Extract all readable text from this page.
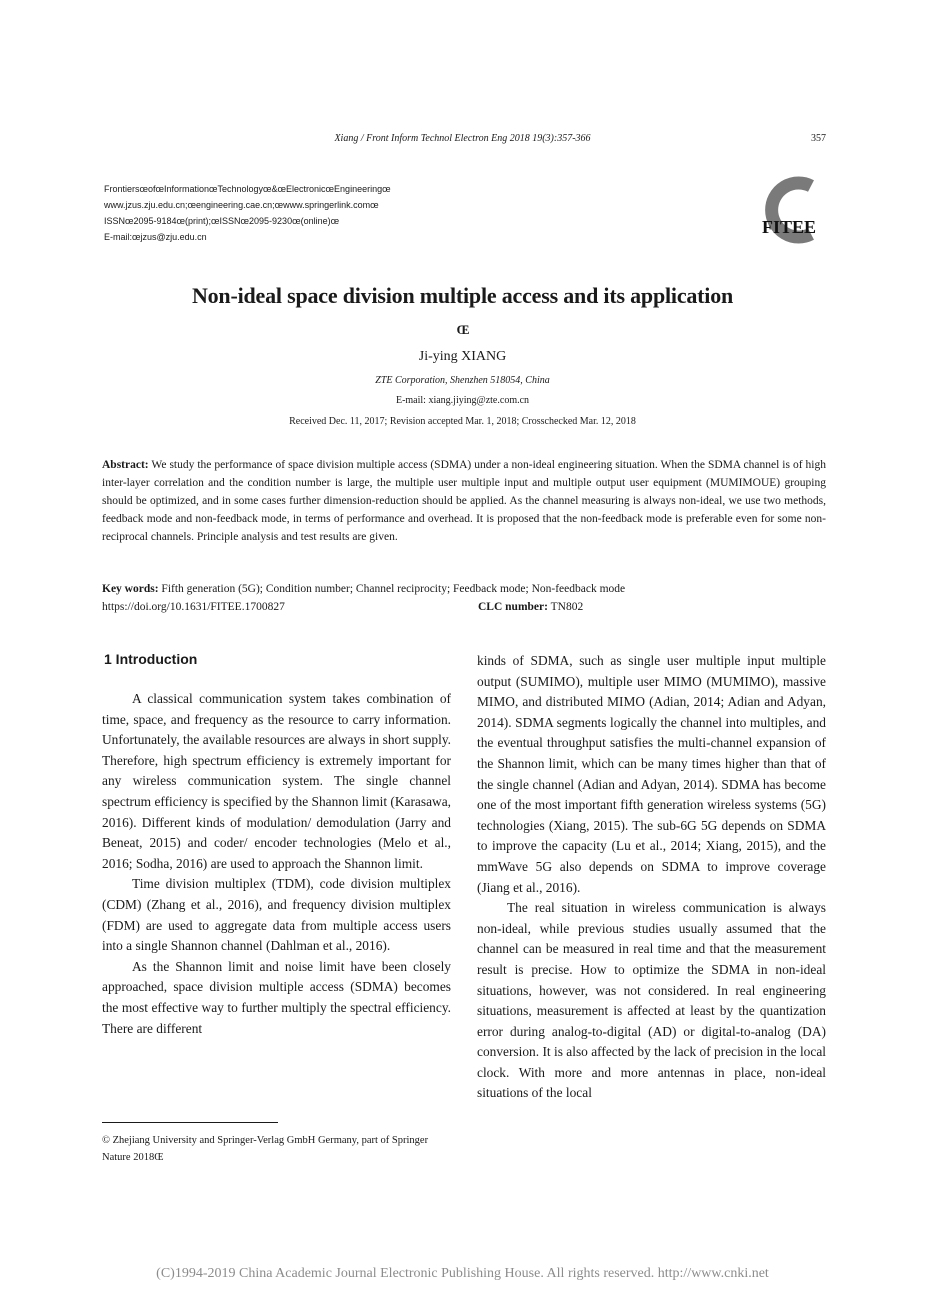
Xiang / Front Inform Technol Electron Eng 2018 19(3):357-366	357
FrontiersœofœInformationœTechnologyœ&œElectronicœEngineeringœ
www.jzus.zju.edu.cn;œengineering.cae.cn;œwww.springerlink.comœ
ISSNœ2095-9184œ(print);œISSNœ2095-9230œ(online)œ
E-mail:œjzus@zju.edu.cn	FITEE
Non-ideal space division multiple access and its application
Œ
Ji-ying XIANG
ZTE Corporation, Shenzhen 518054, China
E-mail: xiang.jiying@zte.com.cn
Received Dec. 11, 2017; Revision accepted Mar. 1, 2018; Crosschecked Mar. 12, 2018
Abstract: We study the performance of space division multiple access (SDMA) under a non-ideal engineering situation. When the SDMA channel is of high inter-layer correlation and the condition number is large, the multiple user multiple input and multiple output user equipment (MUMIMOUE) grouping should be optimized, and in some cases further dimension-reduction should be applied. As the channel measuring is always non-ideal, we use two methods, feedback mode and non-feedback mode, in terms of performance and overhead. It is proposed that the non-feedback mode is preferable even for some non-reciprocal channels. Principle analysis and test results are given.
Key words: Fifth generation (5G); Condition number; Channel reciprocity; Feedback mode; Non-feedback mode
https://doi.org/10.1631/FITEE.1700827	CLC number: TN802
1 Introduction

A classical communication system takes combination of time, space, and frequency as the resource to carry information. Unfortunately, the available resources are always in short supply. Therefore, high spectrum efficiency is extremely important for any wireless communication system. The single channel spectrum efficiency is specified by the Shannon limit (Karasawa, 2016). Different kinds of modulation/ demodulation (Jarry and Beneat, 2015) and coder/ encoder technologies (Melo et al., 2016; Sodha, 2016) are used to approach the Shannon limit.

Time division multiplex (TDM), code division multiplex (CDM) (Zhang et al., 2016), and frequency division multiplex (FDM) are used to aggregate data from multiple access users into a single Shannon channel (Dahlman et al., 2016).

As the Shannon limit and noise limit have been closely approached, space division multiple access (SDMA) becomes the most effective way to further multiply the spectral efficiency. There are different

kinds of SDMA, such as single user multiple input multiple output (SUMIMO), multiple user MIMO (MUMIMO), massive MIMO, and distributed MIMO (Adian, 2014; Adian and Adyan, 2014). SDMA segments logically the channel into multiples, and the eventual throughput satisfies the multi-channel expansion of the Shannon limit, which can be many times higher than that of the single channel (Adian and Adyan, 2014). SDMA has become one of the most important fifth generation wireless systems (5G) technologies (Xiang, 2015). The sub-6G 5G depends on SDMA to improve the capacity (Lu et al., 2014; Xiang, 2015), and the mmWave 5G also depends on SDMA to improve coverage (Jiang et al., 2016).

The real situation in wireless communication is always non-ideal, while previous studies usually assumed that the channel can be measured in real time and that the measurement result is precise. How to optimize the SDMA in non-ideal situations, however, was not considered. In real engineering situations, measurement is affected at least by the quantization error during analog-to-digital (AD) or digital-to-analog (DA) conversion. It is also affected by the lack of precision in the local clock. With more and more antennas in place, non-ideal situations of the local

© Zhejiang University and Springer-Verlag GmbH Germany, part of Springer Nature 2018Œ
(C)1994-2019 China Academic Journal Electronic Publishing House. All rights reserved. http://www.cnki.net
